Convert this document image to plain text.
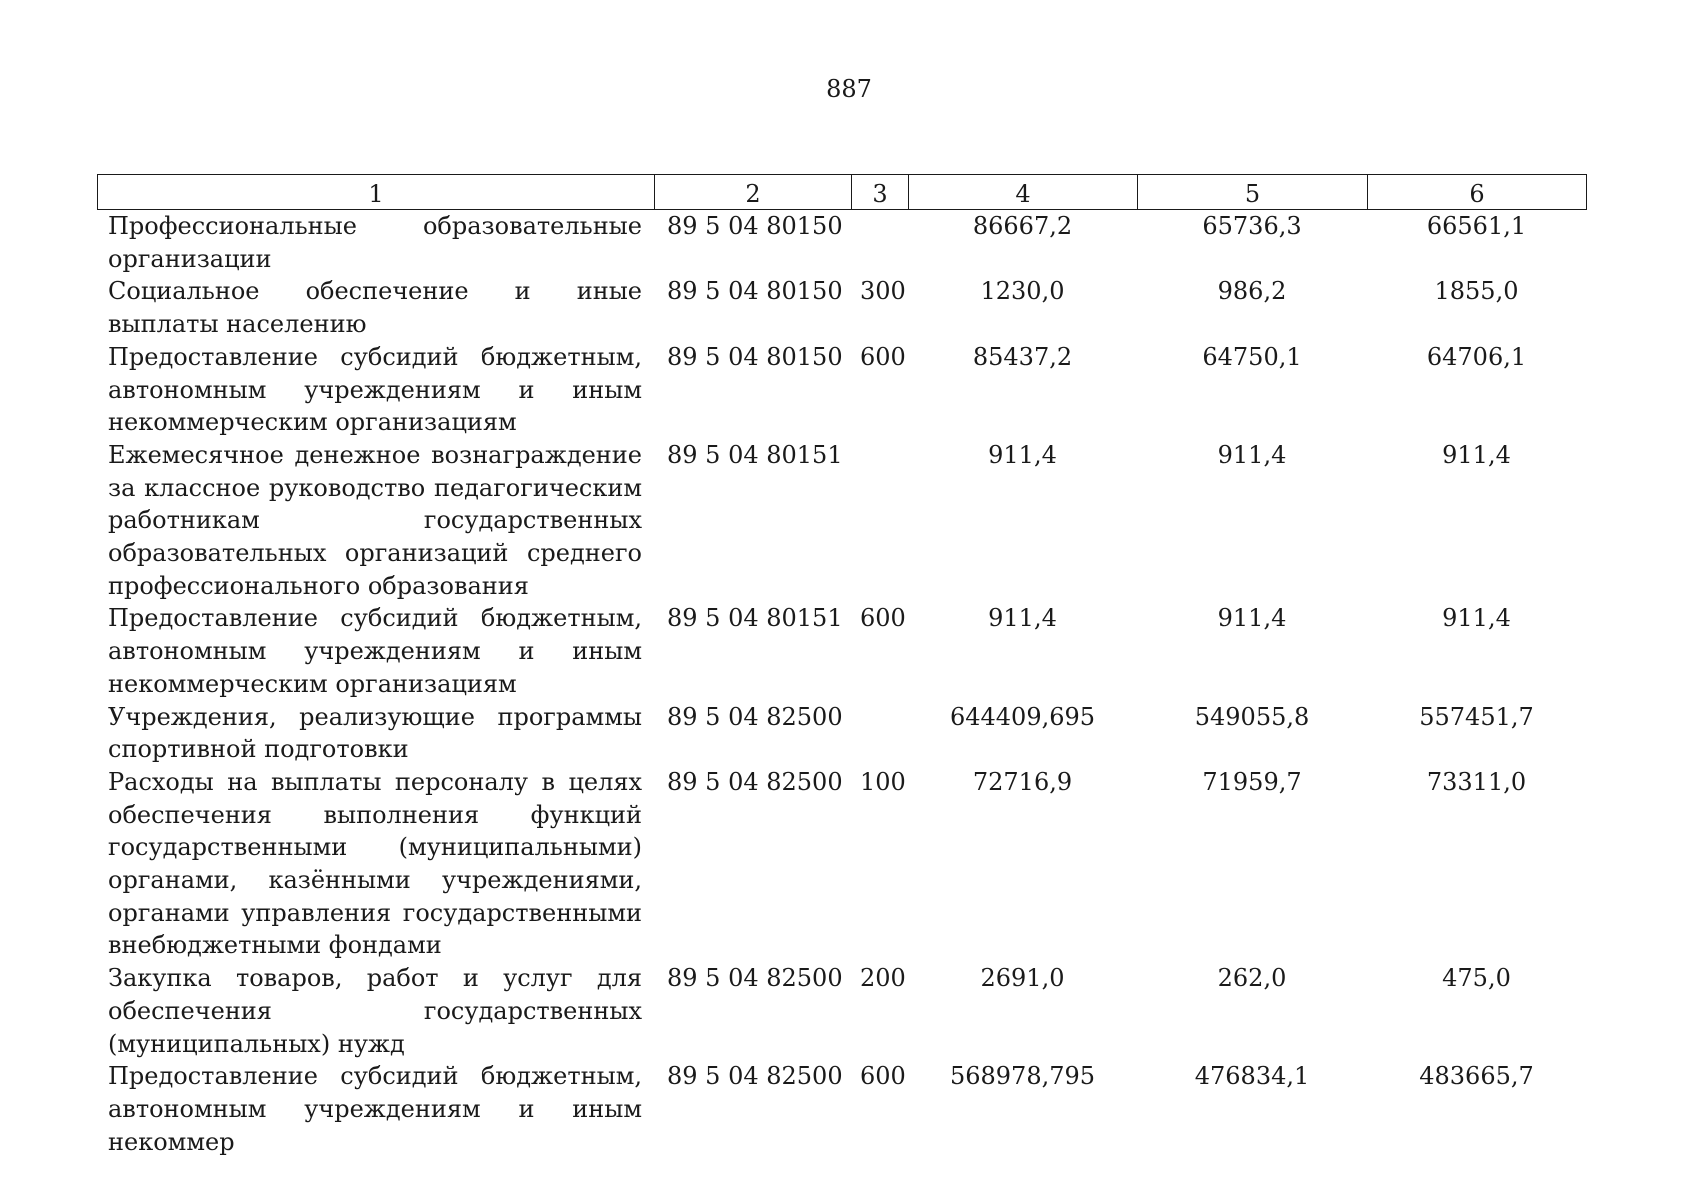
887
1	2	3	4	5	6
Профессиональные образовательные организации	89 5 04 80150		86667,2	65736,3	66561,1
Социальное обеспечение и иные выплаты населению	89 5 04 80150	300	1230,0	986,2	1855,0
Предоставление субсидий бюджетным, автономным учреждениям и иным некоммерческим организациям	89 5 04 80150	600	85437,2	64750,1	64706,1
Ежемесячное денежное вознаграждение за классное руководство педагогическим работникам государственных образовательных организаций среднего профессионального образования	89 5 04 80151		911,4	911,4	911,4
Предоставление субсидий бюджетным, автономным учреждениям и иным некоммерческим организациям	89 5 04 80151	600	911,4	911,4	911,4
Учреждения, реализующие программы спортивной подготовки	89 5 04 82500		644409,695	549055,8	557451,7
Расходы на выплаты персоналу в целях обеспечения выполнения функций государственными (муниципальными) органами, казёнными учреждениями, органами управления государственными внебюджетными фондами	89 5 04 82500	100	72716,9	71959,7	73311,0
Закупка товаров, работ и услуг для обеспечения государственных (муниципальных) нужд	89 5 04 82500	200	2691,0	262,0	475,0
Предоставление субсидий бюджетным, автономным учреждениям и иным некоммер	89 5 04 82500	600	568978,795	476834,1	483665,7
